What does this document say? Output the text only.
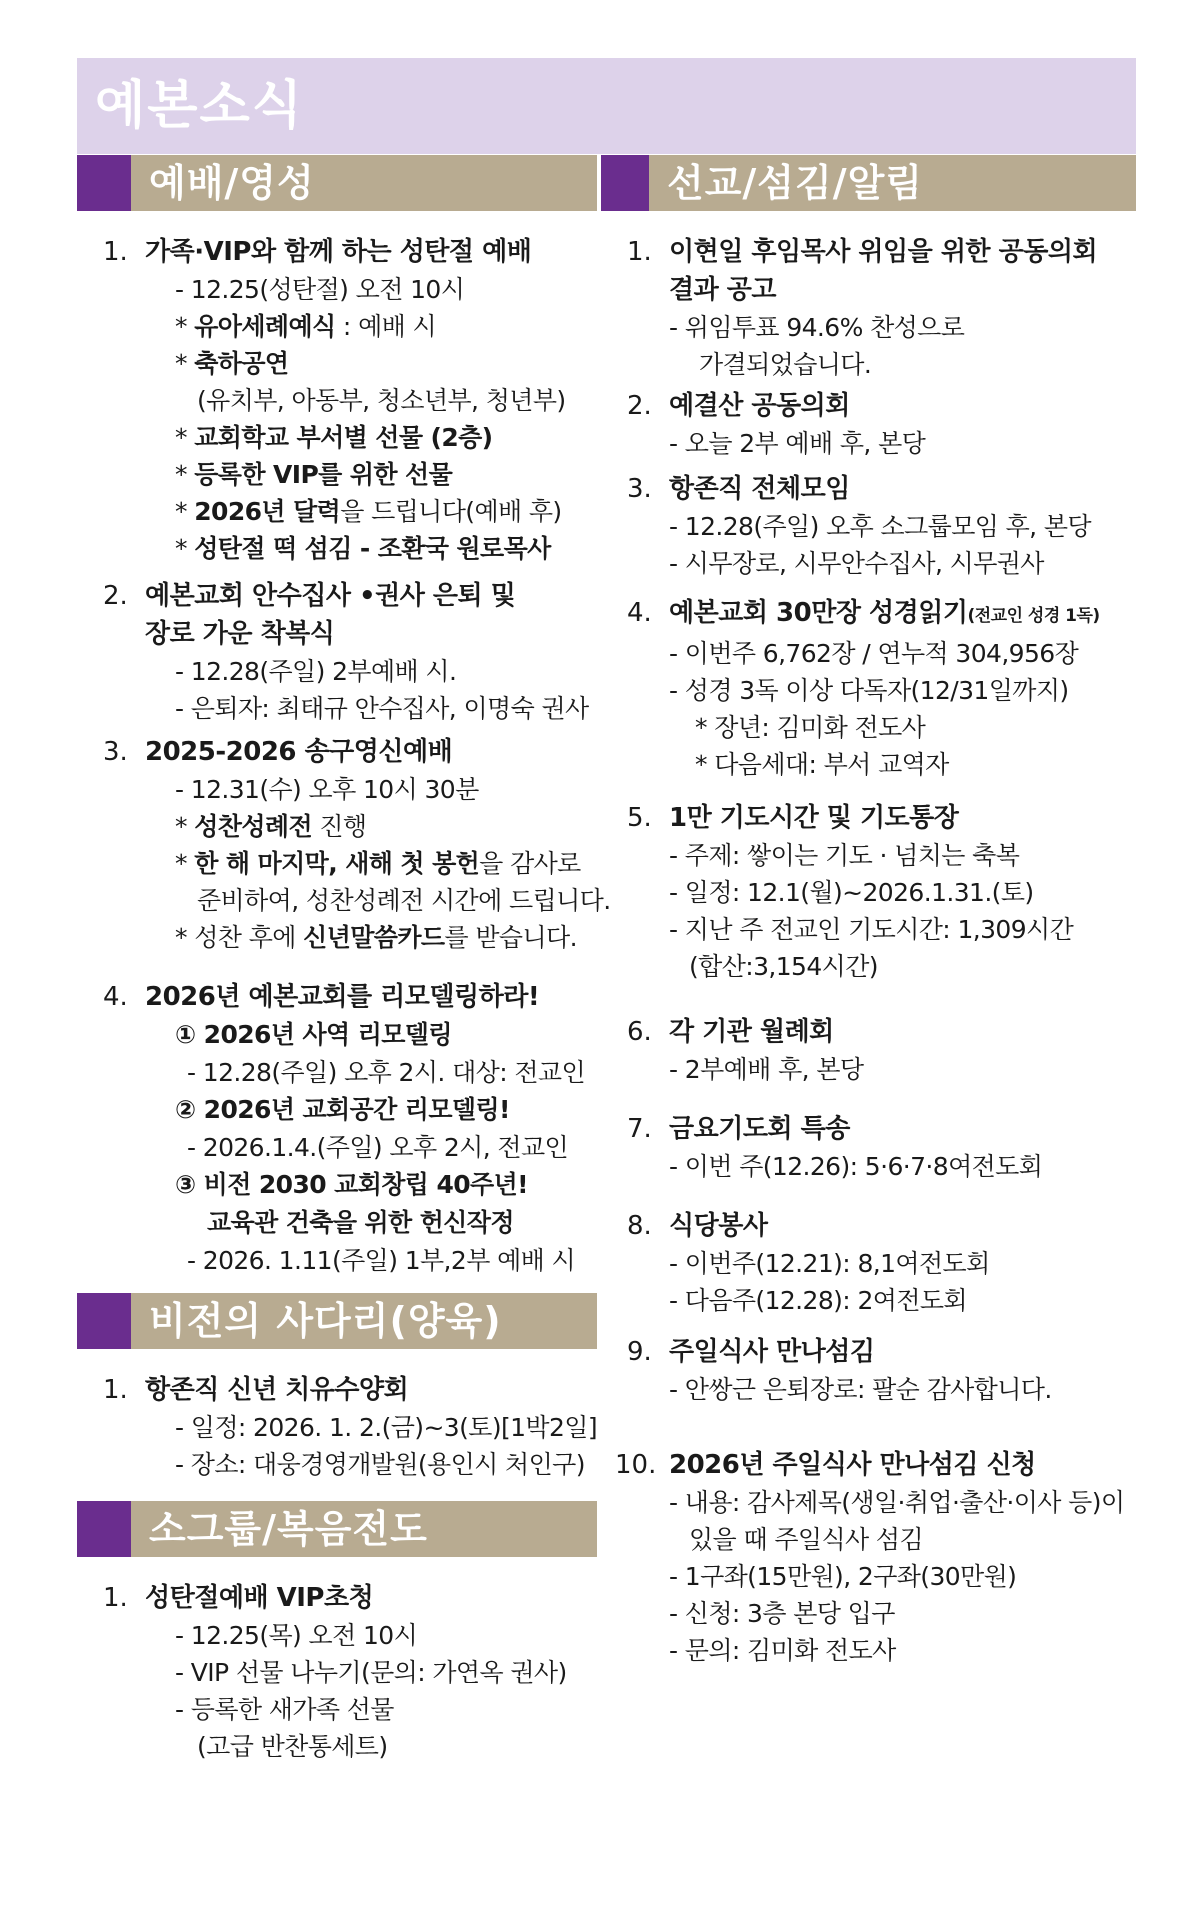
예본소식
예배/영성
1. 가족·VIP와 함께 하는 성탄절 예배
- 12.25(성탄절) 오전 10시
* 유아세례예식 : 예배 시
* 축하공연
(유치부, 아동부, 청소년부, 청년부)
* 교회학교 부서별 선물 (2층)
* 등록한 VIP를 위한 선물
* 2026년 달력을 드립니다(예배 후)
* 성탄절 떡 섬김 - 조환국 원로목사
2. 예본교회 안수집사 •권사 은퇴 및
장로 가운 착복식
- 12.28(주일) 2부예배 시.
- 은퇴자: 최태규 안수집사, 이명숙 권사
3. 2025-2026 송구영신예배
- 12.31(수) 오후 10시 30분
* 성찬성례전 진행
* 한 해 마지막, 새해 첫 봉헌을 감사로
준비하여, 성찬성례전 시간에 드립니다.
* 성찬 후에 신년말씀카드를 받습니다.
4. 2026년 예본교회를 리모델링하라!
① 2026년 사역 리모델링
- 12.28(주일) 오후 2시. 대상: 전교인
② 2026년 교회공간 리모델링!
- 2026.1.4.(주일) 오후 2시, 전교인
③ 비전 2030 교회창립 40주년!
교육관 건축을 위한 헌신작정
- 2026. 1.11(주일) 1부,2부 예배 시
비전의 사다리(양육)
1. 항존직 신년 치유수양회
- 일정: 2026. 1. 2.(금)~3(토)[1박2일]
- 장소: 대웅경영개발원(용인시 처인구)
소그룹/복음전도
1. 성탄절예배 VIP초청
- 12.25(목) 오전 10시
- VIP 선물 나누기(문의: 가연옥 권사)
- 등록한 새가족 선물
(고급 반찬통세트)
선교/섬김/알림
1. 이현일 후임목사 위임을 위한 공동의회
결과 공고
- 위임투표 94.6% 찬성으로
가결되었습니다.
2. 예결산 공동의회
- 오늘 2부 예배 후, 본당
3. 항존직 전체모임
- 12.28(주일) 오후 소그룹모임 후, 본당
- 시무장로, 시무안수집사, 시무권사
4. 예본교회 30만장 성경읽기(전교인 성경 1독)
- 이번주 6,762장 / 연누적 304,956장
- 성경 3독 이상 다독자(12/31일까지)
* 장년: 김미화 전도사
* 다음세대: 부서 교역자
5. 1만 기도시간 및 기도통장
- 주제: 쌓이는 기도 · 넘치는 축복
- 일정: 12.1(월)~2026.1.31.(토)
- 지난 주 전교인 기도시간: 1,309시간
(합산:3,154시간)
6. 각 기관 월례회
- 2부예배 후, 본당
7. 금요기도회 특송
- 이번 주(12.26): 5·6·7·8여전도회
8. 식당봉사
- 이번주(12.21): 8,1여전도회
- 다음주(12.28): 2여전도회
9. 주일식사 만나섬김
- 안쌍근 은퇴장로: 팔순 감사합니다.
10. 2026년 주일식사 만나섬김 신청
- 내용: 감사제목(생일·취업·출산·이사 등)이
있을 때 주일식사 섬김
- 1구좌(15만원), 2구좌(30만원)
- 신청: 3층 본당 입구
- 문의: 김미화 전도사
